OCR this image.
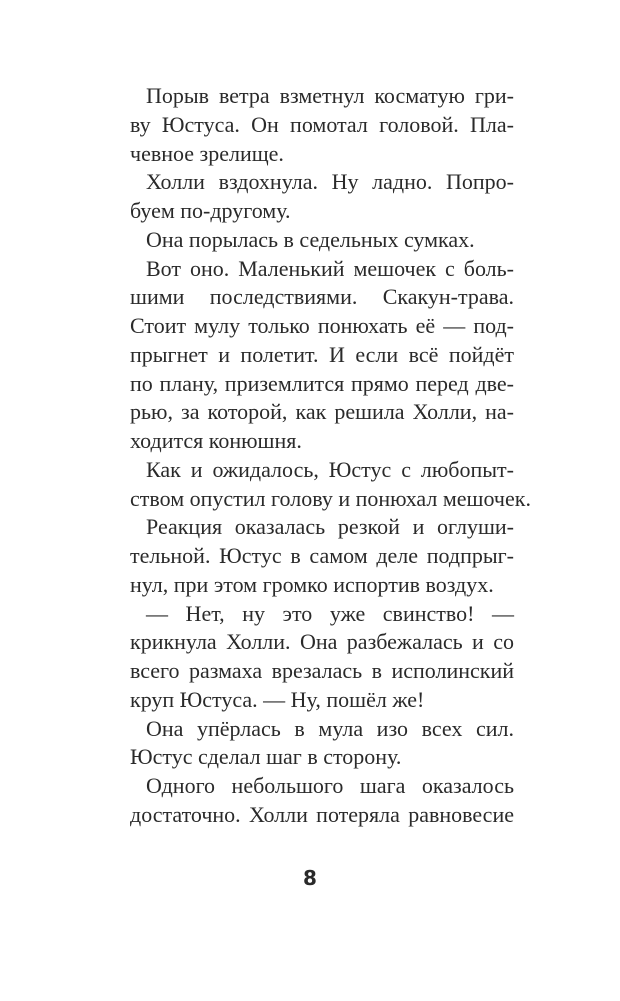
Порыв ветра взметнул косматую гри-
ву Юстуса. Он помотал головой. Пла-
чевное зрелище.
Холли вздохнула. Ну ладно. Попро-
буем по-другому.
Она порылась в седельных сумках.
Вот оно. Маленький мешочек с боль-
шими последствиями. Скакун-трава.
Стоит мулу только понюхать её — под-
прыгнет и полетит. И если всё пойдёт
по плану, приземлится прямо перед две-
рью, за которой, как решила Холли, на-
ходится конюшня.
Как и ожидалось, Юстус с любопыт-
ством опустил голову и понюхал мешочек.
Реакция оказалась резкой и оглуши-
тельной. Юстус в самом деле подпрыг-
нул, при этом громко испортив воздух.
— Нет, ну это уже свинство! —
крикнула Холли. Она разбежалась и со
всего размаха врезалась в исполинский
круп Юстуса. — Ну, пошёл же!
Она упёрлась в мула изо всех сил.
Юстус сделал шаг в сторону.
Одного небольшого шага оказалось
достаточно. Холли потеряла равновесие
8
